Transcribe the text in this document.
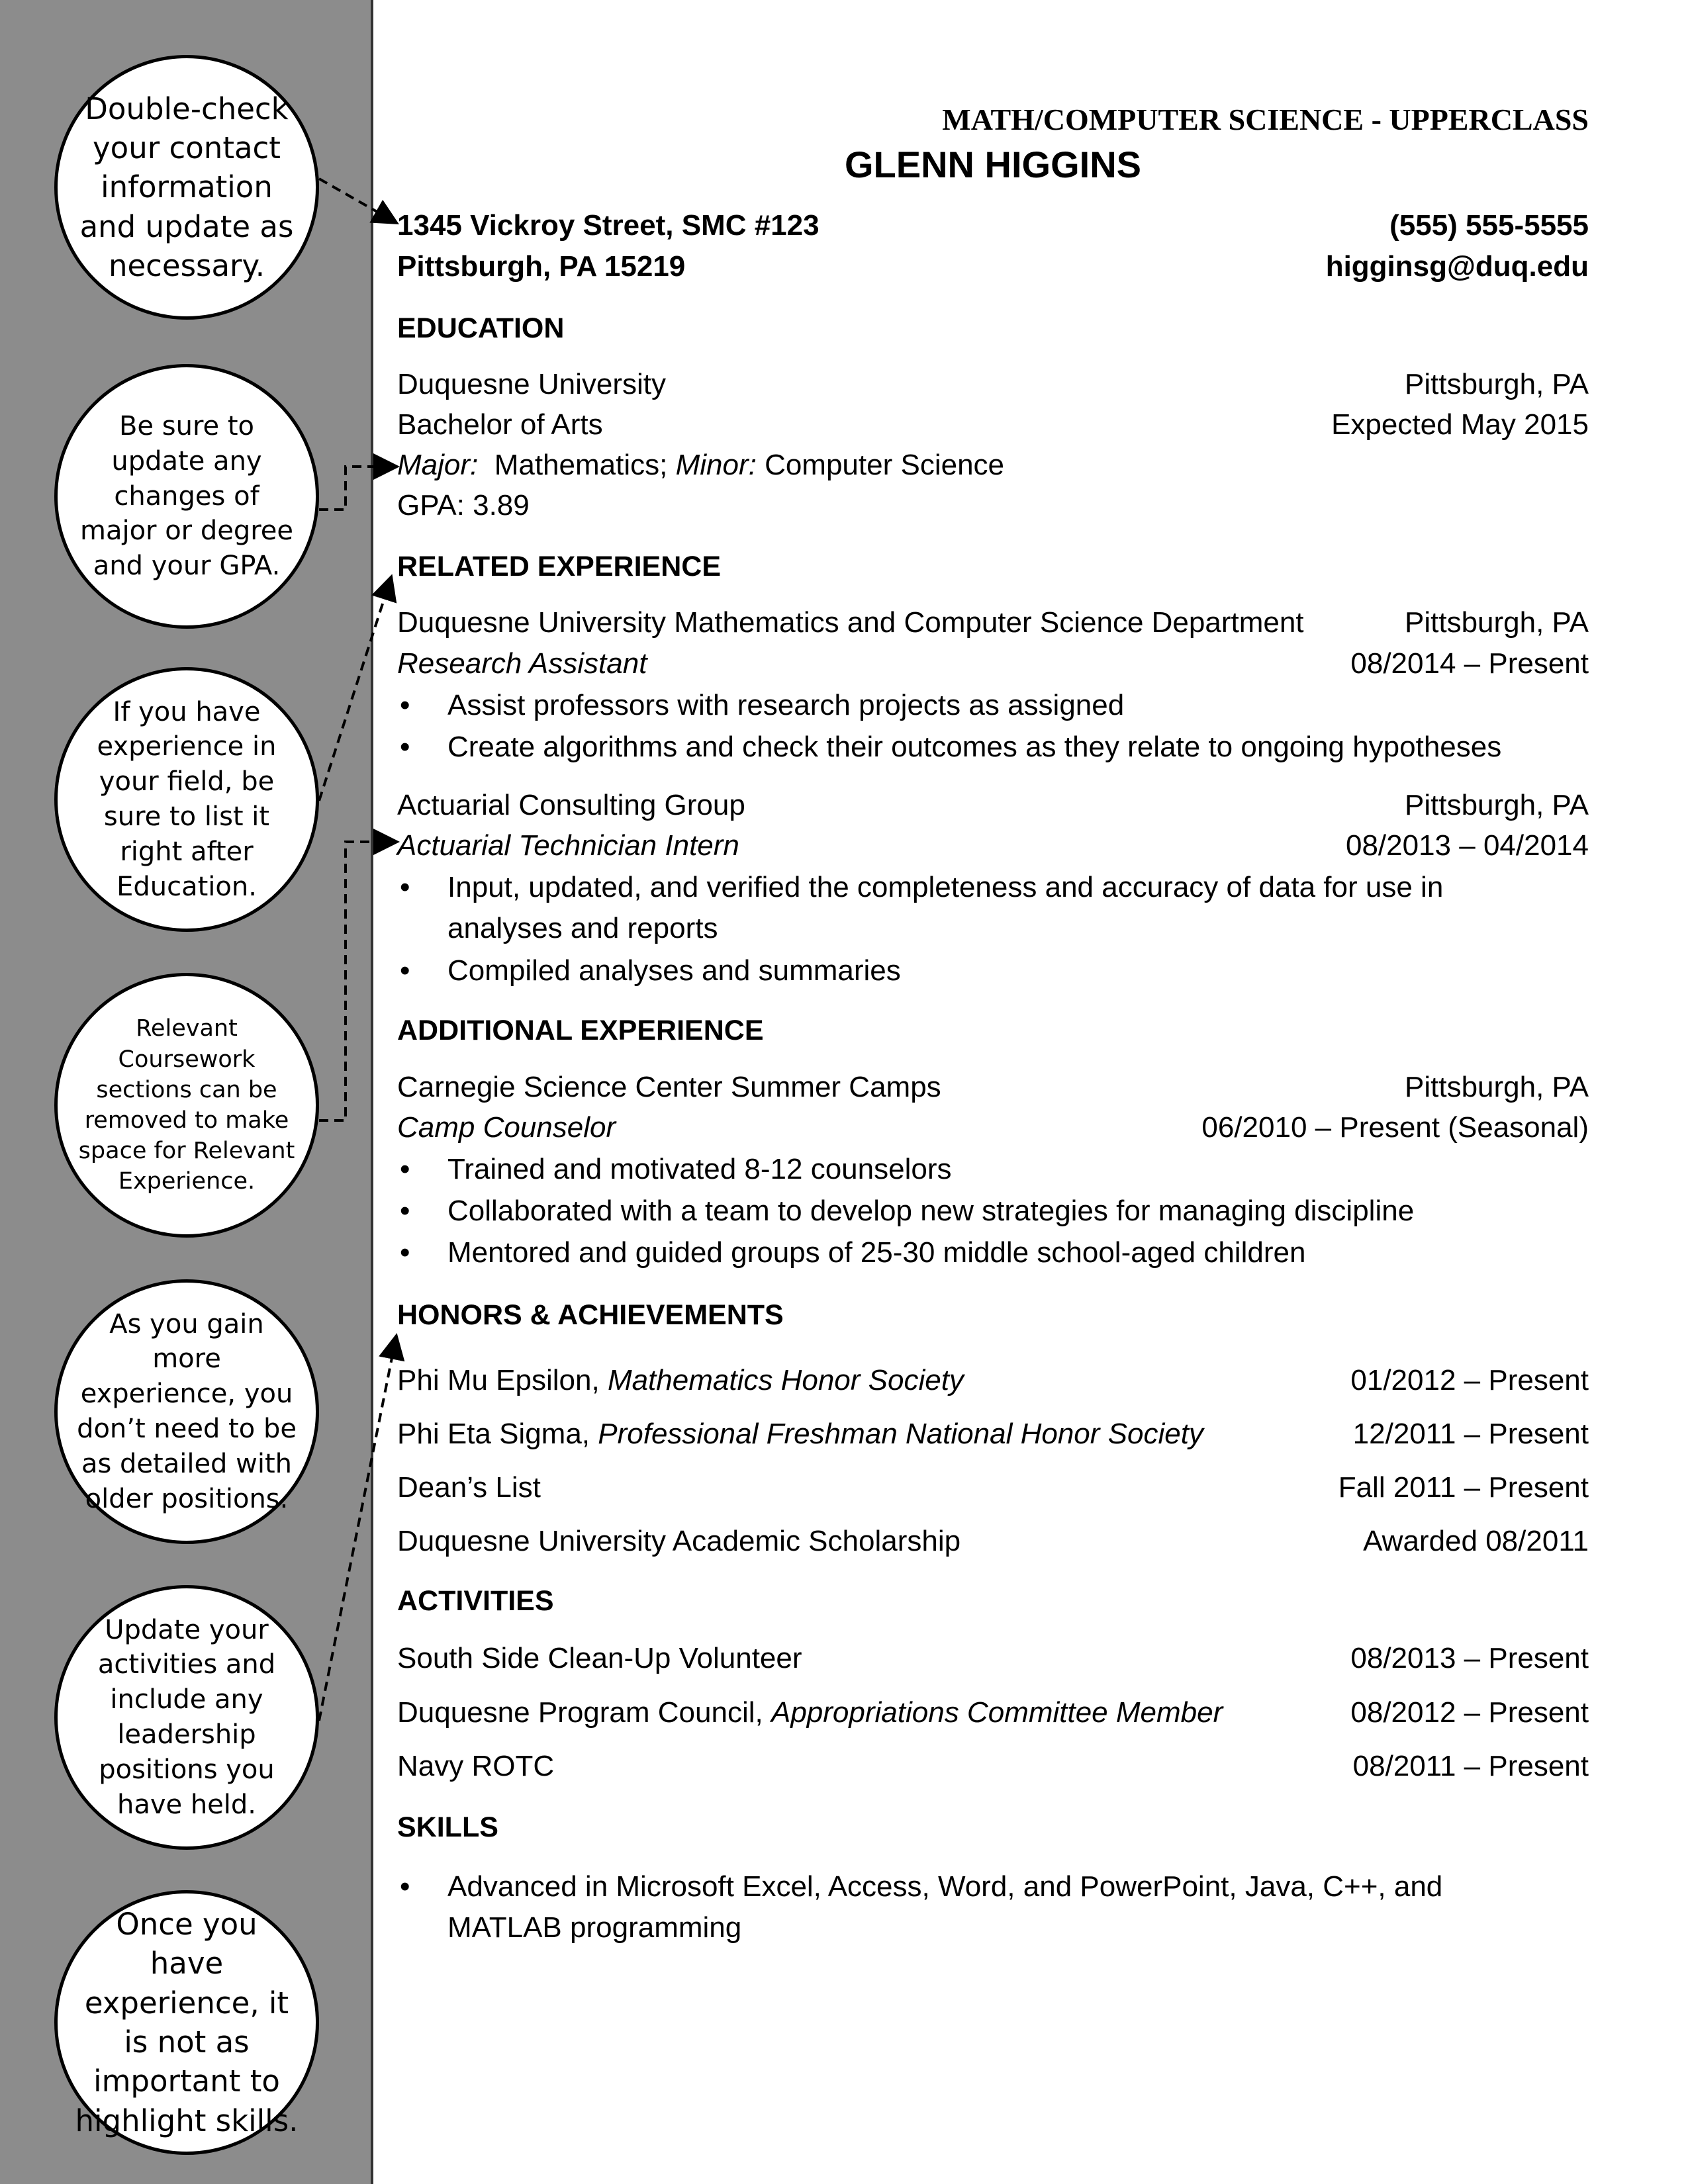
Double-check your contact information and update as necessary.
Be sure to update any changes of major or degree and your GPA.
If you have experience in your field, be sure to list it right after Education.
Relevant Coursework sections can be removed to make space for Relevant Experience.
As you gain more experience, you don’t need to be as detailed with older positions.
Update your activities and include any leadership positions you have held.
Once you have experience, it is not as important to highlight skills.
MATH/COMPUTER SCIENCE - UPPERCLASS
GLENN HIGGINS
1345 Vickroy Street, SMC #123	(555) 555-5555
Pittsburgh, PA 15219	higginsg@duq.edu
EDUCATION
Duquesne University	Pittsburgh, PA
Bachelor of Arts	Expected May 2015
Major: Mathematics; Minor: Computer Science
GPA: 3.89
RELATED EXPERIENCE
Duquesne University Mathematics and Computer Science Department	Pittsburgh, PA
Research Assistant	08/2014 – Present
• Assist professors with research projects as assigned
• Create algorithms and check their outcomes as they relate to ongoing hypotheses
Actuarial Consulting Group	Pittsburgh, PA
Actuarial Technician Intern	08/2013 – 04/2014
• Input, updated, and verified the completeness and accuracy of data for use in analyses and reports
• Compiled analyses and summaries
ADDITIONAL EXPERIENCE
Carnegie Science Center Summer Camps	Pittsburgh, PA
Camp Counselor	06/2010 – Present (Seasonal)
• Trained and motivated 8-12 counselors
• Collaborated with a team to develop new strategies for managing discipline
• Mentored and guided groups of 25-30 middle school-aged children
HONORS & ACHIEVEMENTS
Phi Mu Epsilon, Mathematics Honor Society	01/2012 – Present
Phi Eta Sigma, Professional Freshman National Honor Society	12/2011 – Present
Dean’s List	Fall 2011 – Present
Duquesne University Academic Scholarship	Awarded 08/2011
ACTIVITIES
South Side Clean-Up Volunteer	08/2013 – Present
Duquesne Program Council, Appropriations Committee Member	08/2012 – Present
Navy ROTC	08/2011 – Present
SKILLS
• Advanced in Microsoft Excel, Access, Word, and PowerPoint, Java, C++, and MATLAB programming
